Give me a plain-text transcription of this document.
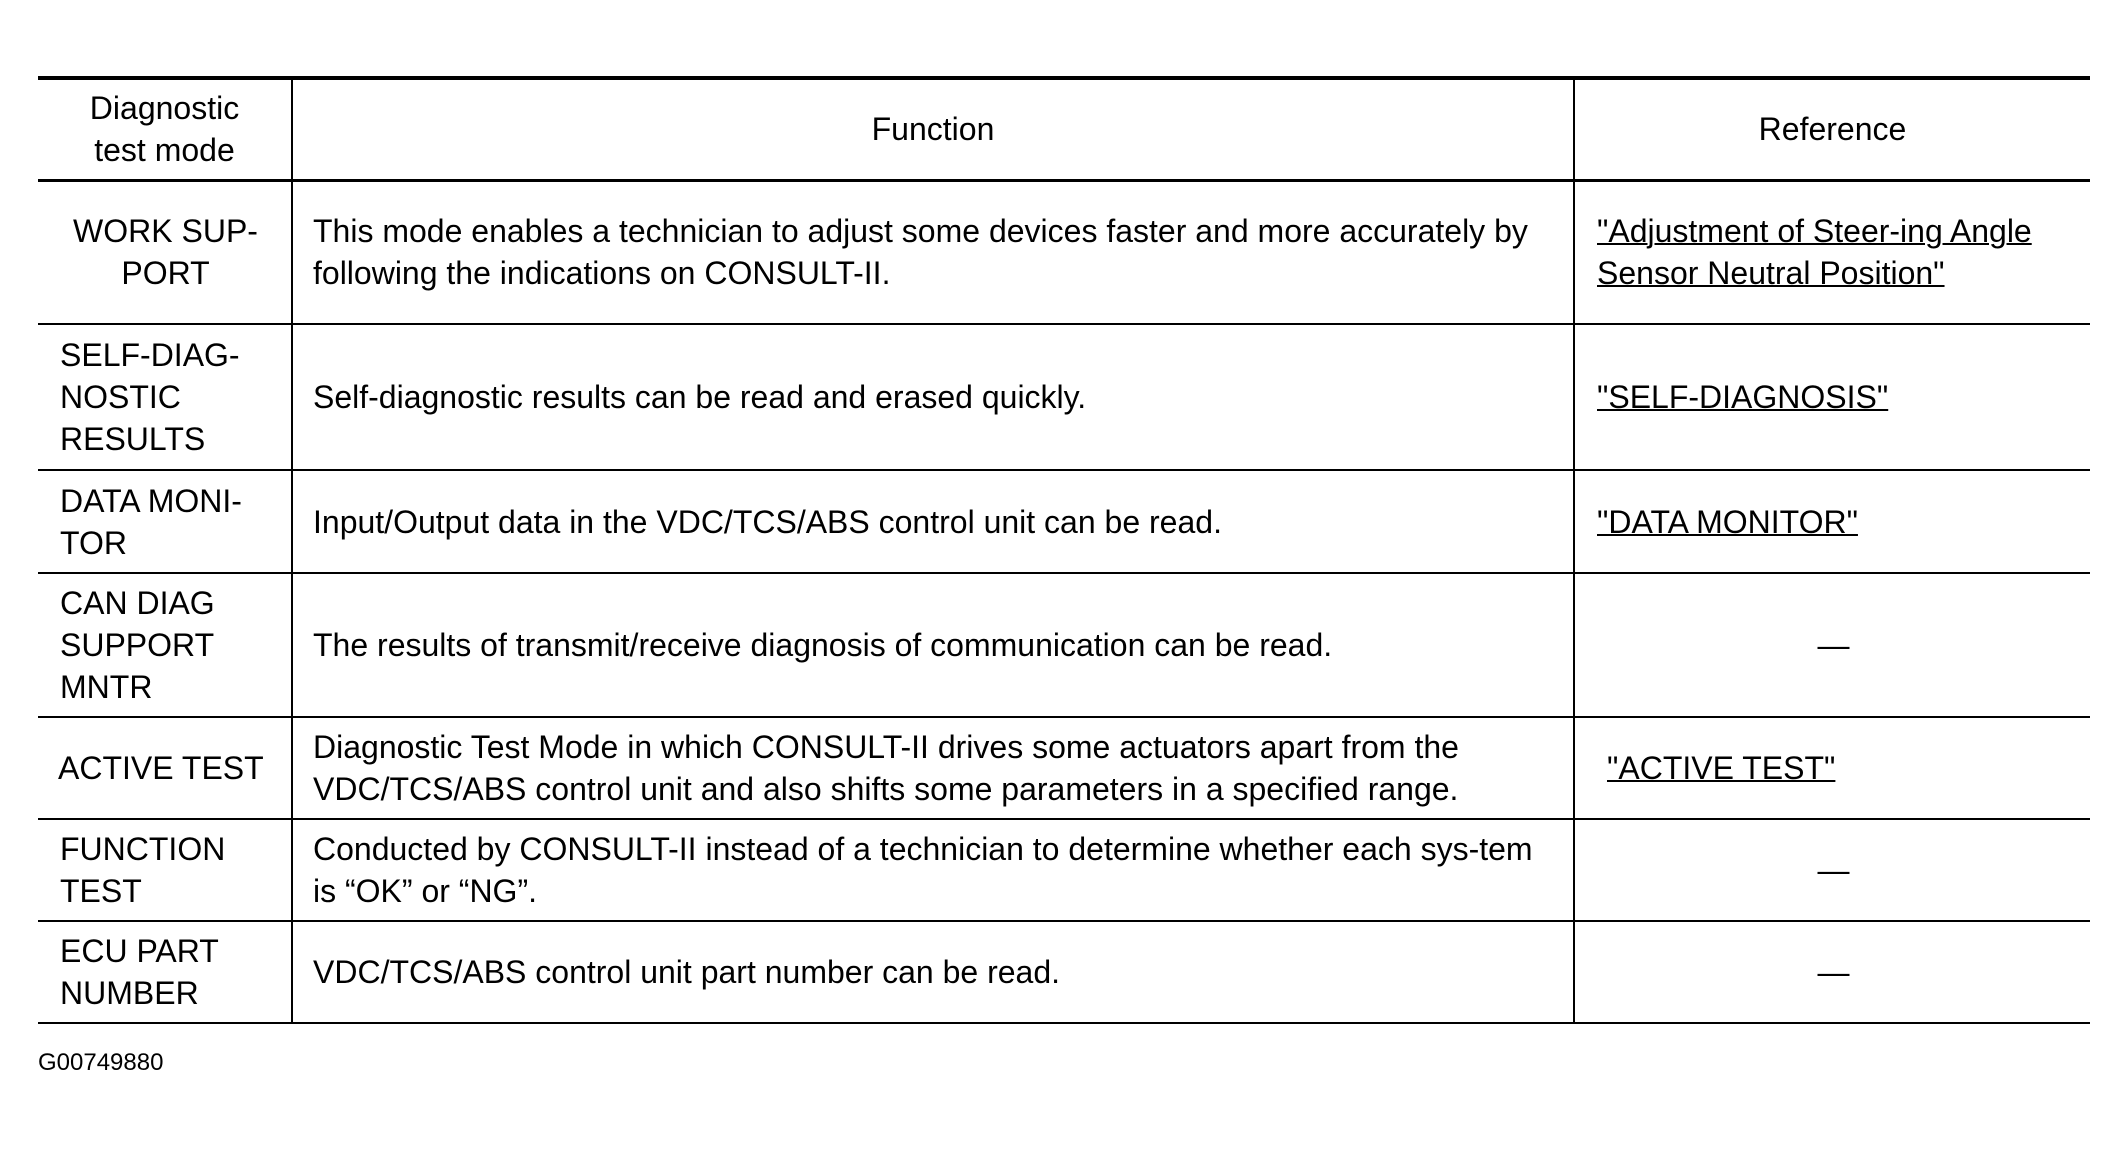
Diagnostic test mode	Function	Reference
WORK SUP-PORT	This mode enables a technician to adjust some devices faster and more accurately by following the indications on CONSULT-II.	"Adjustment of Steer-ing Angle Sensor Neutral Position"
SELF-DIAG-NOSTIC RESULTS	Self-diagnostic results can be read and erased quickly.	"SELF-DIAGNOSIS"
DATA MONI-TOR	Input/Output data in the VDC/TCS/ABS control unit can be read.	"DATA MONITOR"
CAN DIAG SUPPORT MNTR	The results of transmit/receive diagnosis of communication can be read.	—
ACTIVE TEST	Diagnostic Test Mode in which CONSULT-II drives some actuators apart from the VDC/TCS/ABS control unit and also shifts some parameters in a specified range.	"ACTIVE TEST"
FUNCTION TEST	Conducted by CONSULT-II instead of a technician to determine whether each sys-tem is “OK” or “NG”.	—
ECU PART NUMBER	VDC/TCS/ABS control unit part number can be read.	—
G00749880
